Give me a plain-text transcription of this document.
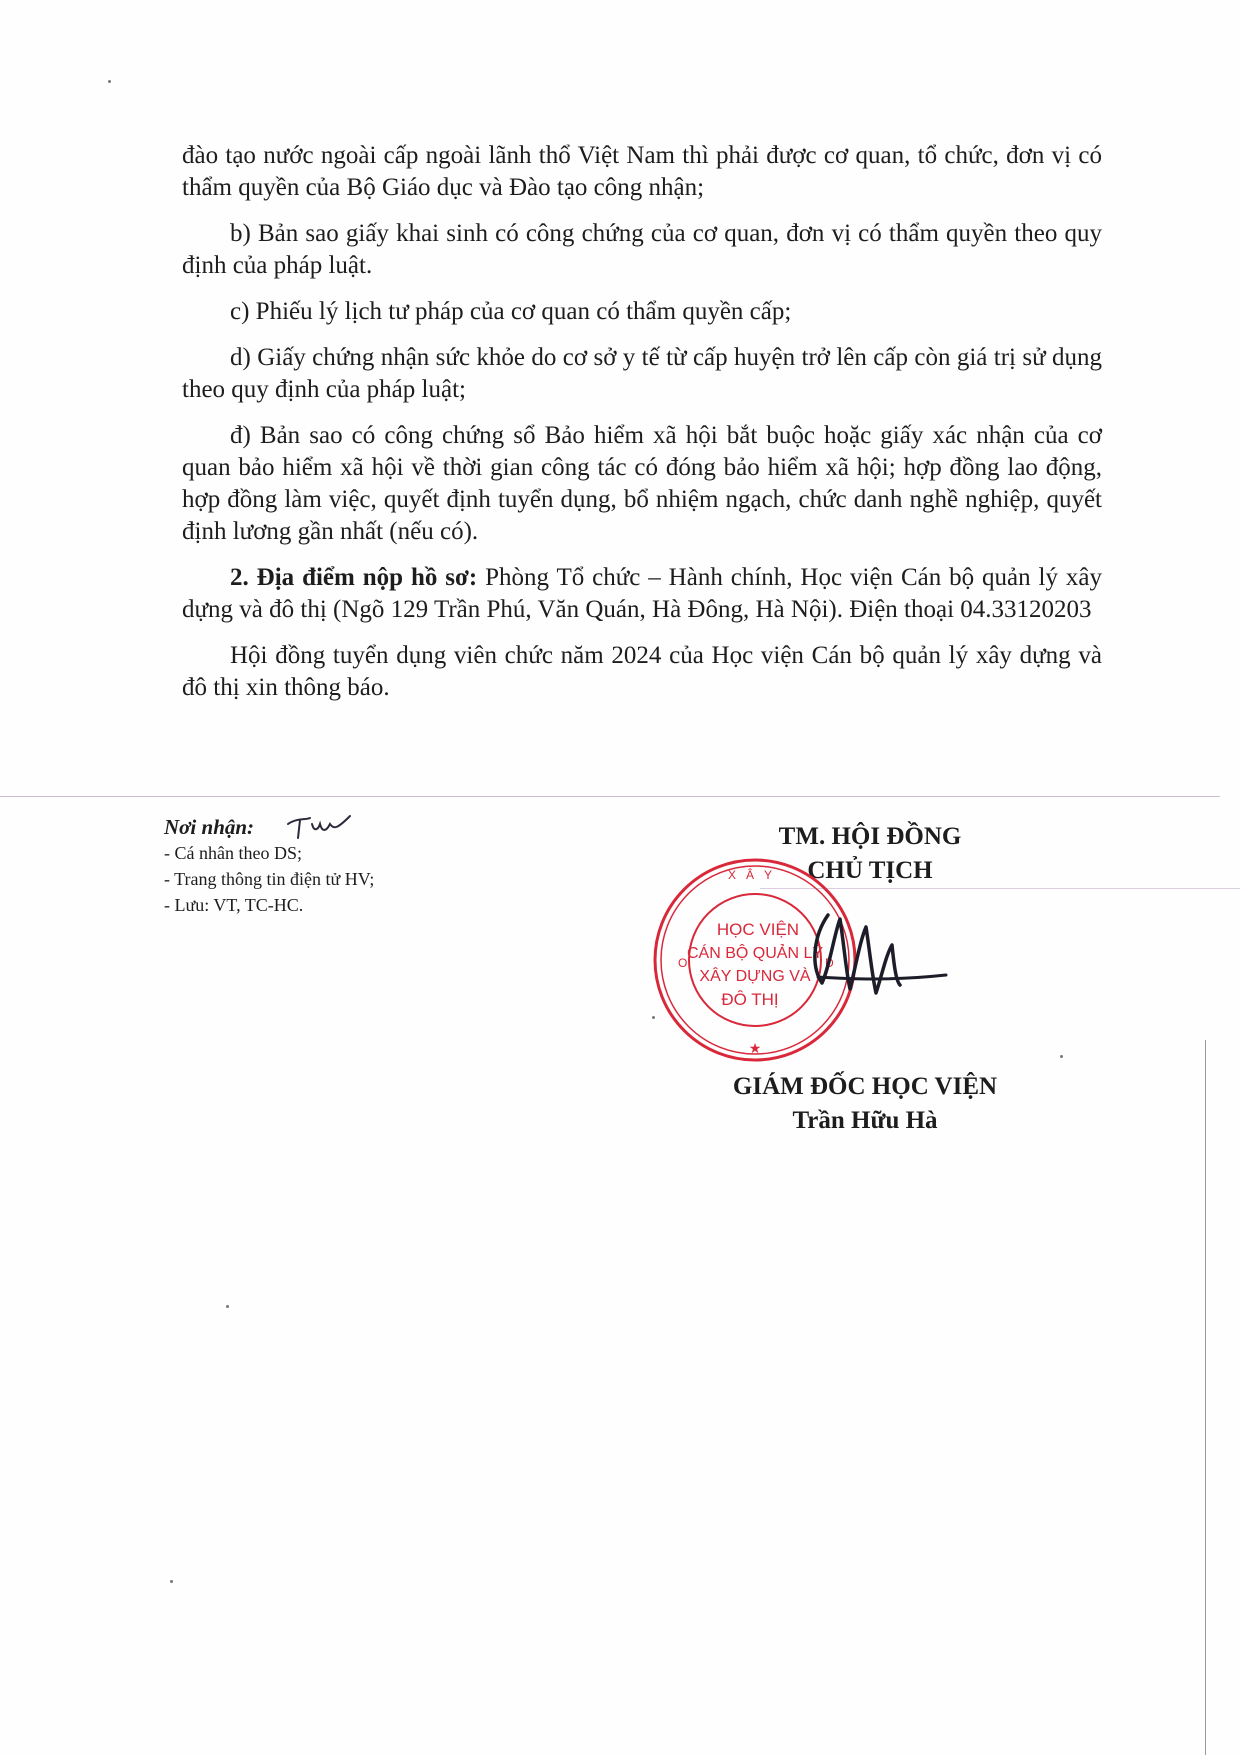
đào tạo nước ngoài cấp ngoài lãnh thổ Việt Nam thì phải được cơ quan, tổ chức, đơn vị có thẩm quyền của Bộ Giáo dục và Đào tạo công nhận;

b) Bản sao giấy khai sinh có công chứng của cơ quan, đơn vị có thẩm quyền theo quy định của pháp luật.

c) Phiếu lý lịch tư pháp của cơ quan có thẩm quyền cấp;

d) Giấy chứng nhận sức khỏe do cơ sở y tế từ cấp huyện trở lên cấp còn giá trị sử dụng theo quy định của pháp luật;

đ) Bản sao có công chứng sổ Bảo hiểm xã hội bắt buộc hoặc giấy xác nhận của cơ quan bảo hiểm xã hội về thời gian công tác có đóng bảo hiểm xã hội; hợp đồng lao động, hợp đồng làm việc, quyết định tuyển dụng, bổ nhiệm ngạch, chức danh nghề nghiệp, quyết định lương gần nhất (nếu có).

2. Địa điểm nộp hồ sơ: Phòng Tổ chức – Hành chính, Học viện Cán bộ quản lý xây dựng và đô thị (Ngõ 129 Trần Phú, Văn Quán, Hà Đông, Hà Nội). Điện thoại 04.33120203

Hội đồng tuyển dụng viên chức năm 2024 của Học viện Cán bộ quản lý xây dựng và đô thị xin thông báo.

Nơi nhận:
- Cá nhân theo DS;
- Trang thông tin điện tử HV;
- Lưu: VT, TC-HC.
TM. HỘI ĐỒNG
CHỦ TỊCH
XÂY
O	D
★
HỌC VIỆN
CÁN BỘ QUẢN LÝ
XÂY DỰNG VÀ
ĐÔ THỊ
GIÁM ĐỐC HỌC VIỆN
Trần Hữu Hà
